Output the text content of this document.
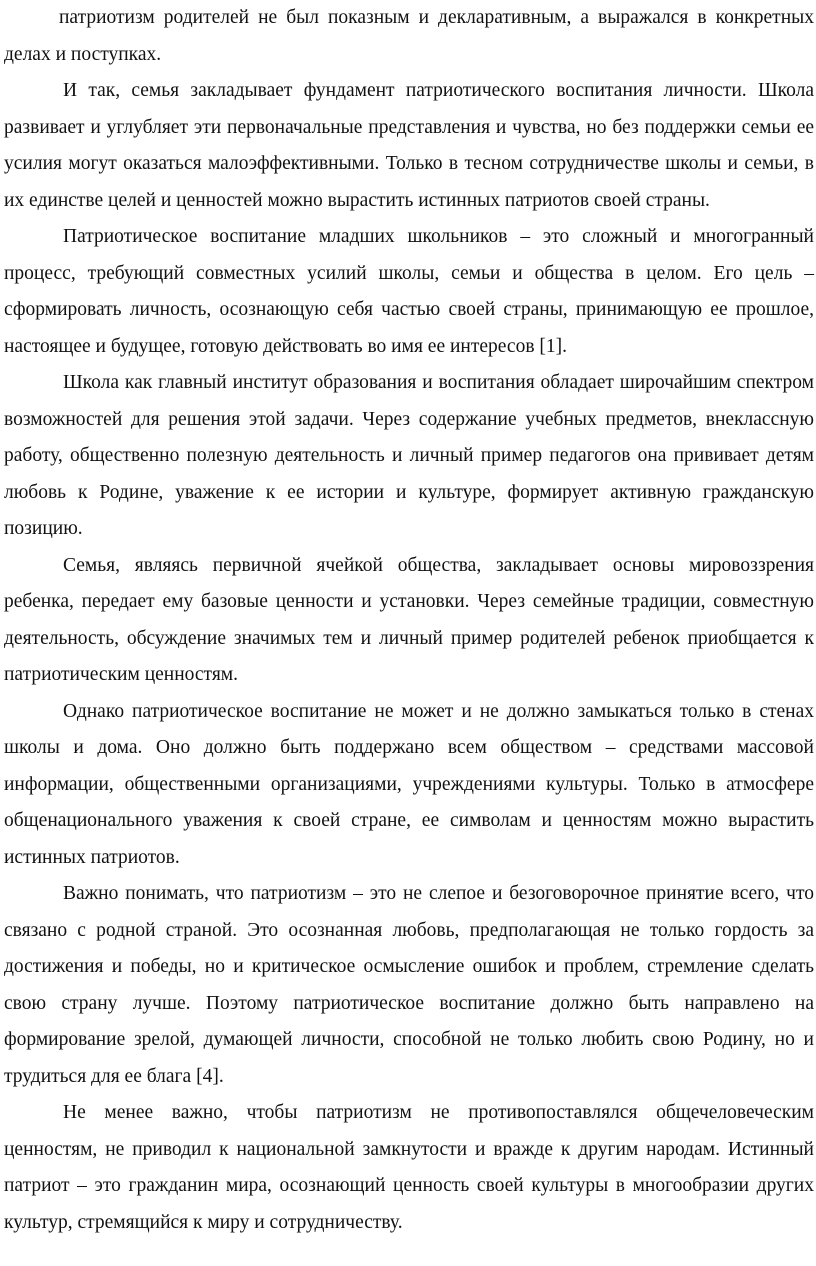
патриотизм родителей не был показным и декларативным, а выражался в конкретных делах и поступках.

И так, семья закладывает фундамент патриотического воспитания личности. Школа развивает и углубляет эти первоначальные представления и чувства, но без поддержки семьи ее усилия могут оказаться малоэффективными. Только в тесном сотрудничестве школы и семьи, в их единстве целей и ценностей можно вырастить истинных патриотов своей страны.

Патриотическое воспитание младших школьников – это сложный и многогранный процесс, требующий совместных усилий школы, семьи и общества в целом. Его цель – сформировать личность, осознающую себя частью своей страны, принимающую ее прошлое, настоящее и будущее, готовую действовать во имя ее интересов [1].

Школа как главный институт образования и воспитания обладает широчайшим спектром возможностей для решения этой задачи. Через содержание учебных предметов, внеклассную работу, общественно полезную деятельность и личный пример педагогов она прививает детям любовь к Родине, уважение к ее истории и культуре, формирует активную гражданскую позицию.

Семья, являясь первичной ячейкой общества, закладывает основы мировоззрения ребенка, передает ему базовые ценности и установки. Через семейные традиции, совместную деятельность, обсуждение значимых тем и личный пример родителей ребенок приобщается к патриотическим ценностям.

Однако патриотическое воспитание не может и не должно замыкаться только в стенах школы и дома. Оно должно быть поддержано всем обществом – средствами массовой информации, общественными организациями, учреждениями культуры. Только в атмосфере общенационального уважения к своей стране, ее символам и ценностям можно вырастить истинных патриотов.

Важно понимать, что патриотизм – это не слепое и безоговорочное принятие всего, что связано с родной страной. Это осознанная любовь, предполагающая не только гордость за достижения и победы, но и критическое осмысление ошибок и проблем, стремление сделать свою страну лучше. Поэтому патриотическое воспитание должно быть направлено на формирование зрелой, думающей личности, способной не только любить свою Родину, но и трудиться для ее блага [4].

Не менее важно, чтобы патриотизм не противопоставлялся общечеловеческим ценностям, не приводил к национальной замкнутости и вражде к другим народам. Истинный патриот – это гражданин мира, осознающий ценность своей культуры в многообразии других культур, стремящийся к миру и сотрудничеству.
